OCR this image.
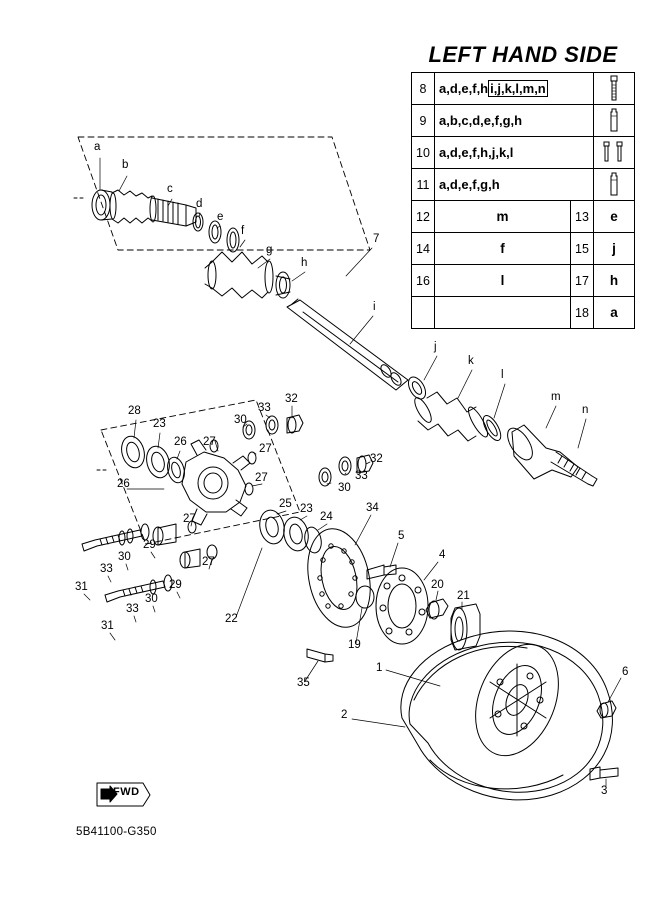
LEFT HAND SIDE
8	a,d,e,f,h i,j,k,l,m,n	

9	a,b,c,d,e,f,g,h	

10	a,d,e,f,h,j,k,l	

11	a,d,e,f,g,h	

12	m	13	e
14	f	15	j
16	l	17	h
		18	a
a
b
c
d
e
f
g
h
7
i
j
k
l
m
n
28	33
32
23	30
26 27
27
26
32
33
30
27
25 23
24
34
27
29
30
33
31
27
29
30
33
31
22
19
35
5
4
20
21
1
2
6
3
FWD
5B41100-G350
